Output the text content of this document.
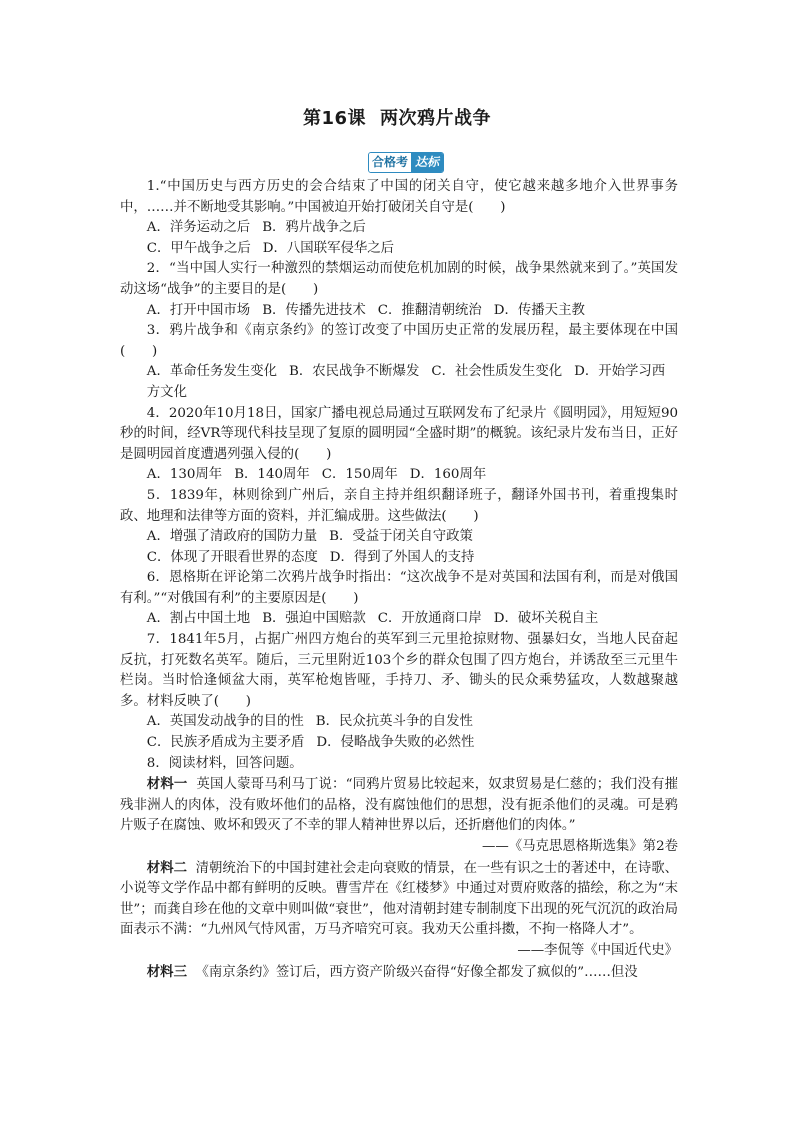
第16课 两次鸦片战争
合格考 达标

1.“中国历史与西方历史的会合结束了中国的闭关自守，使它越来越多地介入世界事务中，……并不断地受其影响。”中国被迫开始打破闭关自守是(　　)

A．洋务运动之后 B．鸦片战争之后

C．甲午战争之后 D．八国联军侵华之后

2．“当中国人实行一种激烈的禁烟运动而使危机加剧的时候，战争果然就来到了。”英国发动这场“战争”的主要目的是(　　)

A．打开中国市场 B．传播先进技术 C．推翻清朝统治 D．传播天主教

3．鸦片战争和《南京条约》的签订改变了中国历史正常的发展历程，最主要体现在中国(　　)

A．革命任务发生变化 B．农民战争不断爆发 C．社会性质发生变化 D．开始学习西方文化

4．2020年10月18日，国家广播电视总局通过互联网发布了纪录片《圆明园》，用短短90秒的时间，经VR等现代科技呈现了复原的圆明园“全盛时期”的概貌。该纪录片发布当日，正好是圆明园首度遭遇列强入侵的(　　)

A．130周年 B．140周年 C．150周年 D．160周年

5．1839年，林则徐到广州后，亲自主持并组织翻译班子，翻译外国书刊，着重搜集时政、地理和法律等方面的资料，并汇编成册。这些做法(　　)

A．增强了清政府的国防力量 B．受益于闭关自守政策

C．体现了开眼看世界的态度 D．得到了外国人的支持

6．恩格斯在评论第二次鸦片战争时指出：“这次战争不是对英国和法国有利，而是对俄国有利。”“对俄国有利”的主要原因是(　　)

A．割占中国土地 B．强迫中国赔款 C．开放通商口岸 D．破坏关税自主

7．1841年5月，占据广州四方炮台的英军到三元里抢掠财物、强暴妇女，当地人民奋起反抗，打死数名英军。随后，三元里附近103个乡的群众包围了四方炮台，并诱敌至三元里牛栏岗。当时恰逢倾盆大雨，英军枪炮皆哑，手持刀、矛、锄头的民众乘势猛攻，人数越聚越多。材料反映了(　　)

A．英国发动战争的目的性 B．民众抗英斗争的自发性

C．民族矛盾成为主要矛盾 D．侵略战争失败的必然性

8．阅读材料，回答问题。

材料一 英国人蒙哥马利马丁说：“同鸦片贸易比较起来，奴隶贸易是仁慈的；我们没有摧残非洲人的肉体，没有败坏他们的品格，没有腐蚀他们的思想，没有扼杀他们的灵魂。可是鸦片贩子在腐蚀、败坏和毁灭了不幸的罪人精神世界以后，还折磨他们的肉体。”

——《马克思恩格斯选集》第2卷

材料二 清朝统治下的中国封建社会走向衰败的情景，在一些有识之士的著述中，在诗歌、小说等文学作品中都有鲜明的反映。曹雪芹在《红楼梦》中通过对贾府败落的描绘，称之为“末世”；而龚自珍在他的文章中则叫做“衰世”，他对清朝封建专制制度下出现的死气沉沉的政治局面表示不满：“九州风气恃风雷，万马齐喑究可哀。我劝天公重抖擞，不拘一格降人才”。

——李侃等《中国近代史》

材料三 《南京条约》签订后，西方资产阶级兴奋得“好像全都发了疯似的”……但没
